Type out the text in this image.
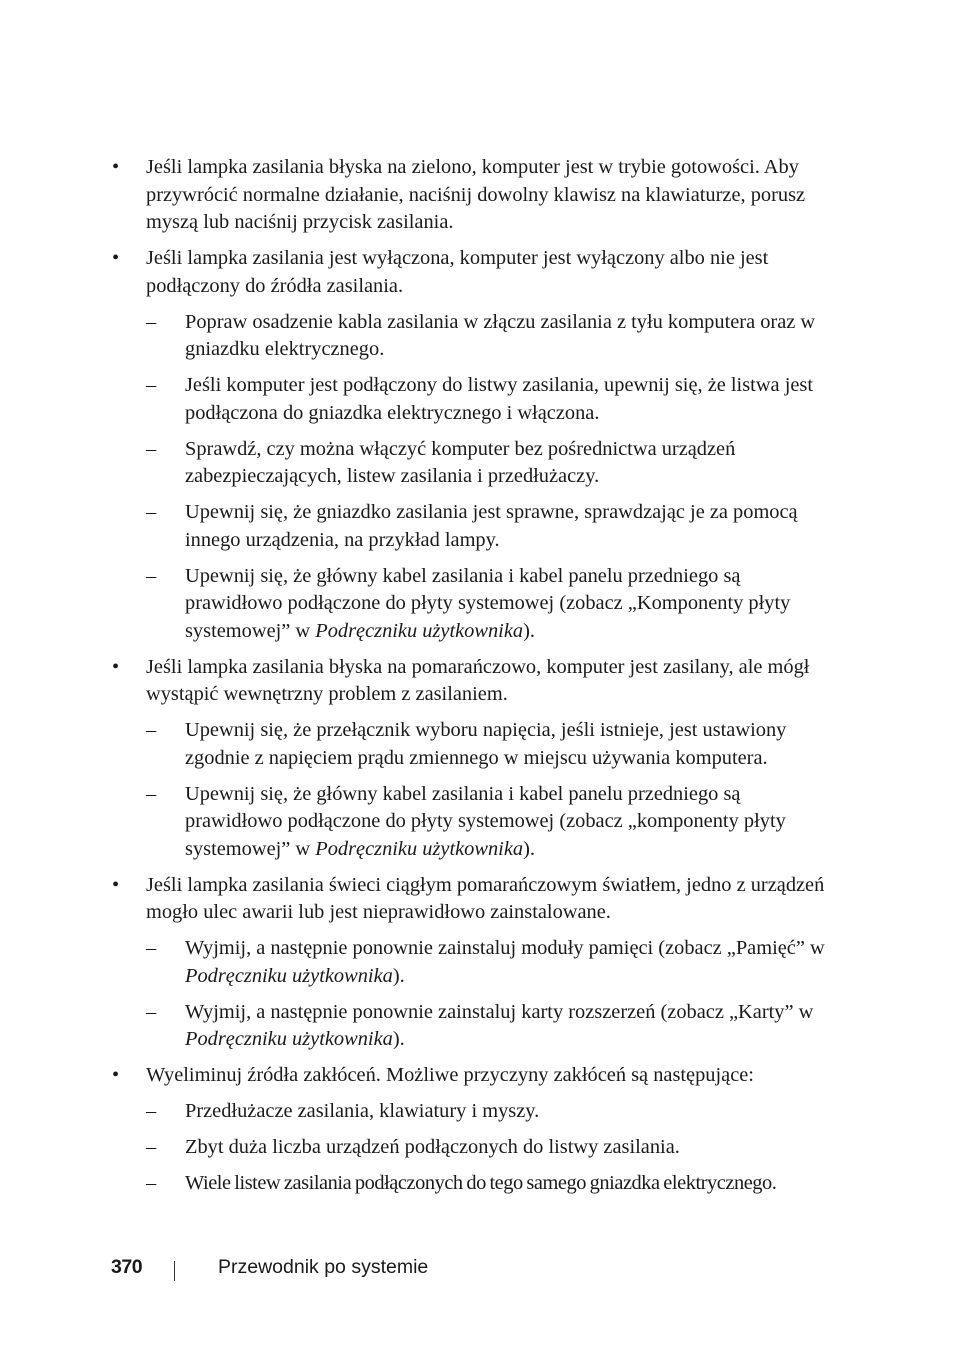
• Jeśli lampka zasilania błyska na zielono, komputer jest w trybie gotowości. Aby przywrócić normalne działanie, naciśnij dowolny klawisz na klawiaturze, porusz myszą lub naciśnij przycisk zasilania.
• Jeśli lampka zasilania jest wyłączona, komputer jest wyłączony albo nie jest podłączony do źródła zasilania.
– Popraw osadzenie kabla zasilania w złączu zasilania z tyłu komputera oraz w gniazdku elektrycznego.
– Jeśli komputer jest podłączony do listwy zasilania, upewnij się, że listwa jest podłączona do gniazdka elektrycznego i włączona.
– Sprawdź, czy można włączyć komputer bez pośrednictwa urządzeń zabezpieczających, listew zasilania i przedłużaczy.
– Upewnij się, że gniazdko zasilania jest sprawne, sprawdzając je za pomocą innego urządzenia, na przykład lampy.
– Upewnij się, że główny kabel zasilania i kabel panelu przedniego są prawidłowo podłączone do płyty systemowej (zobacz „Komponenty płyty systemowej” w Podręczniku użytkownika).
• Jeśli lampka zasilania błyska na pomarańczowo, komputer jest zasilany, ale mógł wystąpić wewnętrzny problem z zasilaniem.
– Upewnij się, że przełącznik wyboru napięcia, jeśli istnieje, jest ustawiony zgodnie z napięciem prądu zmiennego w miejscu używania komputera.
– Upewnij się, że główny kabel zasilania i kabel panelu przedniego są prawidłowo podłączone do płyty systemowej (zobacz „komponenty płyty systemowej” w Podręczniku użytkownika).
• Jeśli lampka zasilania świeci ciągłym pomarańczowym światłem, jedno z urządzeń mogło ulec awarii lub jest nieprawidłowo zainstalowane.
– Wyjmij, a następnie ponownie zainstaluj moduły pamięci (zobacz „Pamięć” w Podręczniku użytkownika).
– Wyjmij, a następnie ponownie zainstaluj karty rozszerzeń (zobacz „Karty” w Podręczniku użytkownika).
• Wyeliminuj źródła zakłóceń. Możliwe przyczyny zakłóceń są następujące:
– Przedłużacze zasilania, klawiatury i myszy.
– Zbyt duża liczba urządzeń podłączonych do listwy zasilania.
– Wiele listew zasilania podłączonych do tego samego gniazdka elektrycznego.
370	Przewodnik po systemie
